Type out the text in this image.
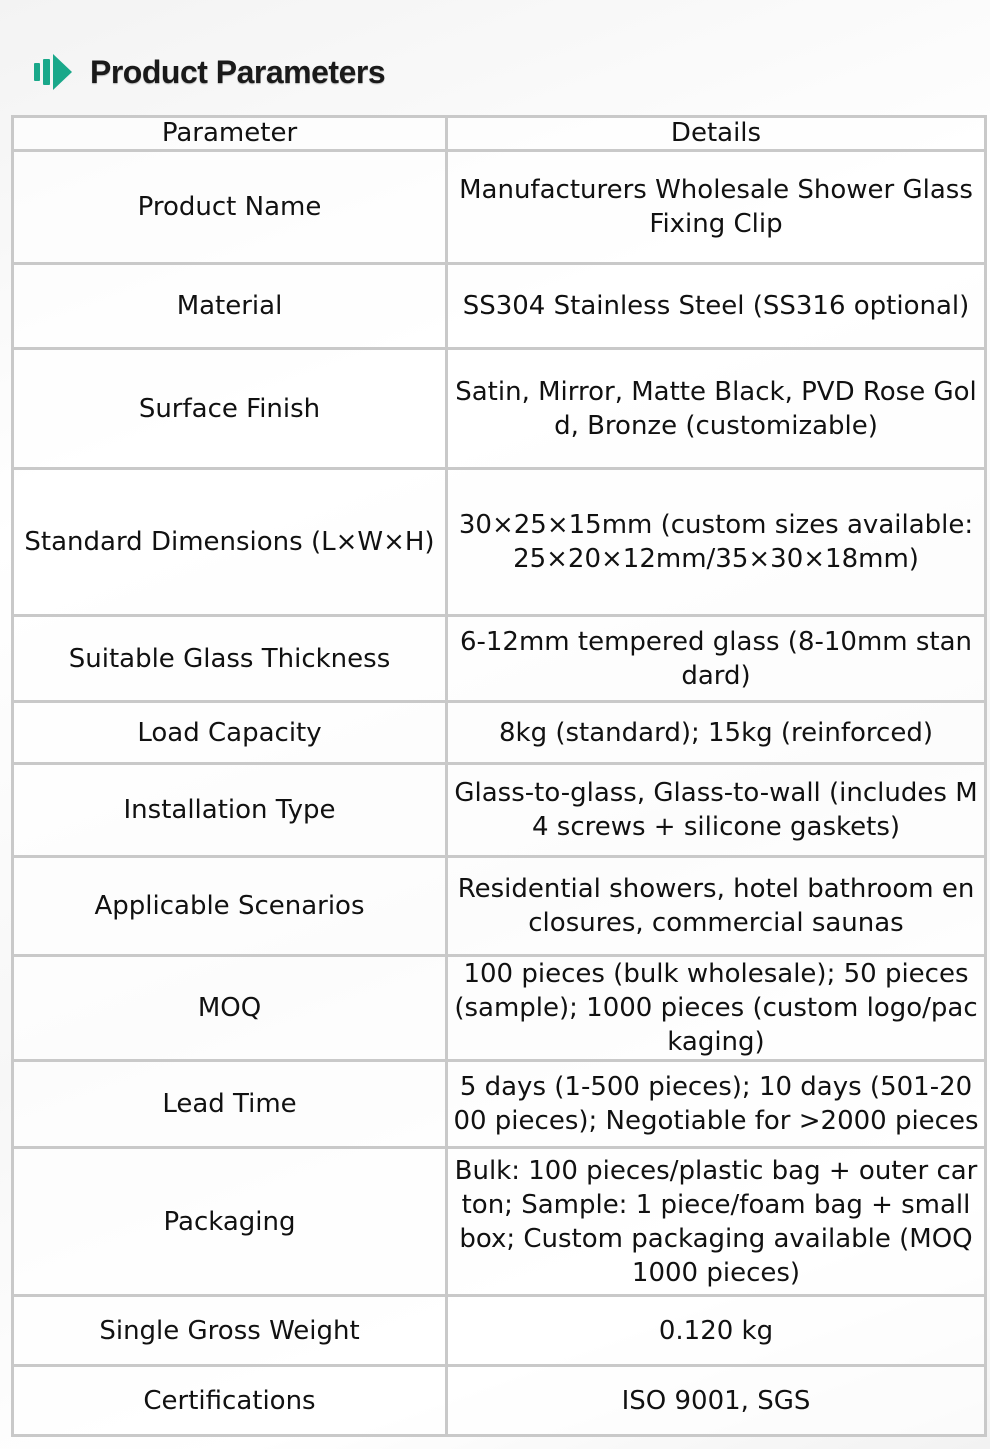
Product Parameters
Parameter	Details
Product Name	Manufacturers Wholesale Shower Glass Fixing Clip
Material	SS304 Stainless Steel (SS316 optional)
Surface Finish	Satin, Mirror, Matte Black, PVD Rose Gold, Bronze (customizable)
Standard Dimensions (L×W×H)	30×25×15mm (custom sizes available: 25×20×12mm/35×30×18mm)
Suitable Glass Thickness	6-12mm tempered glass (8-10mm standard)
Load Capacity	8kg (standard); 15kg (reinforced)
Installation Type	Glass-to-glass, Glass-to-wall (includes M4 screws + silicone gaskets)
Applicable Scenarios	Residential showers, hotel bathroom enclosures, commercial saunas
MOQ	100 pieces (bulk wholesale); 50 pieces (sample); 1000 pieces (custom logo/packaging)
Lead Time	5 days (1-500 pieces); 10 days (501-2000 pieces); Negotiable for >2000 pieces
Packaging	Bulk: 100 pieces/plastic bag + outer carton; Sample: 1 piece/foam bag + small box; Custom packaging available (MOQ 1000 pieces)
Single Gross Weight	0.120 kg
Certifications	ISO 9001, SGS
